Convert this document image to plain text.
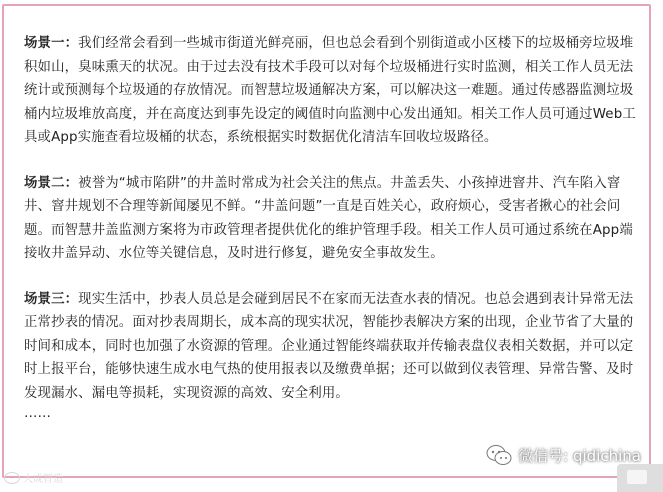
场景一：我们经常会看到一些城市街道光鲜亮丽，但也总会看到个别街道或小区楼下的垃圾桶旁垃圾堆积如山，臭味熏天的状况。由于过去没有技术手段可以对每个垃圾桶进行实时监测，相关工作人员无法统计或预测每个垃圾通的存放情况。而智慧垃圾通解决方案，可以解决这一难题。通过传感器监测垃圾桶内垃圾堆放高度，并在高度达到事先设定的阈值时向监测中心发出通知。相关工作人员可通过Web工具或App实施查看垃圾桶的状态，系统根据实时数据优化清洁车回收垃圾路径。

场景二：被誉为“城市陷阱”的井盖时常成为社会关注的焦点。井盖丢失、小孩掉进窨井、汽车陷入窨井、窨井规划不合理等新闻屡见不鲜。“井盖问题”一直是百姓关心，政府烦心，受害者揪心的社会问题。而智慧井盖监测方案将为市政管理者提供优化的维护管理手段。相关工作人员可通过系统在App端接收井盖异动、水位等关键信息，及时进行修复，避免安全事故发生。

场景三：现实生活中，抄表人员总是会碰到居民不在家而无法查水表的情况。也总会遇到表计异常无法正常抄表的情况。面对抄表周期长，成本高的现实状况，智能抄表解决方案的出现，企业节省了大量的时间和成本，同时也加强了水资源的管理。企业通过智能终端获取并传输表盘仪表相关数据，并可以定时上报平台，能够快速生成水电气热的使用报表以及缴费单据；还可以做到仪表管理、异常告警、及时发现漏水、漏电等损耗，实现资源的高效、安全利用。

……

大成智造
微信号: qidichina
